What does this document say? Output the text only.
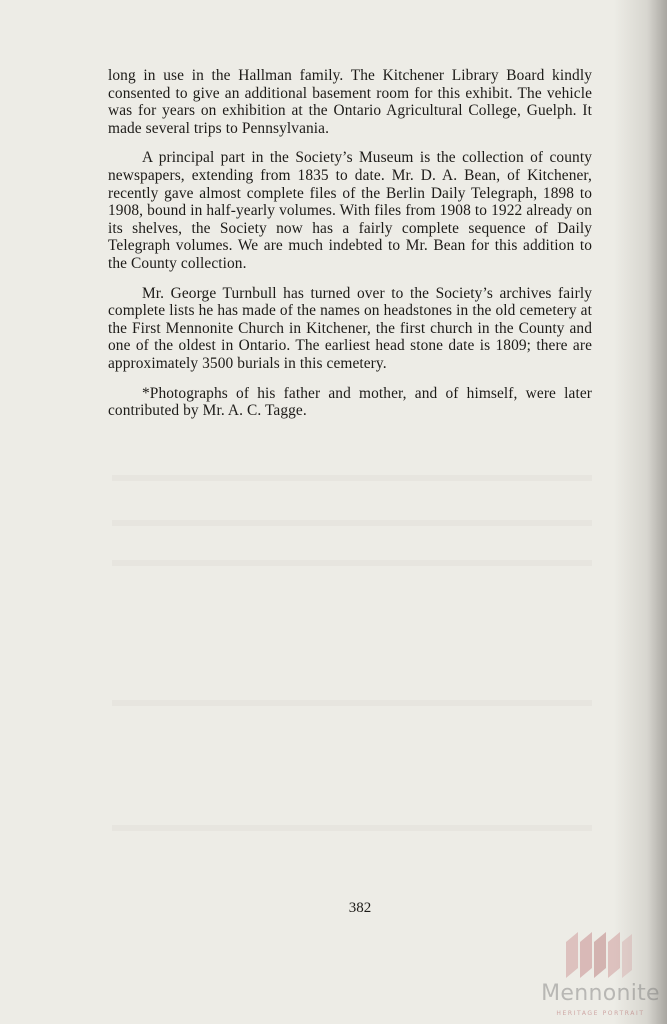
long in use in the Hallman family. The Kitchener Library Board kindly consented to give an additional basement room for this exhibit. The vehicle was for years on exhibition at the Ontario Agricultural College, Guelph. It made several trips to Pennsylvania.

A principal part in the Society’s Museum is the collection of county newspapers, extending from 1835 to date. Mr. D. A. Bean, of Kitchener, recently gave almost complete files of the Berlin Daily Telegraph, 1898 to 1908, bound in half-yearly volumes. With files from 1908 to 1922 already on its shelves, the Society now has a fairly complete sequence of Daily Telegraph volumes. We are much indebted to Mr. Bean for this addition to the County collection.

Mr. George Turnbull has turned over to the Society’s archives fairly complete lists he has made of the names on headstones in the old cemetery at the First Mennonite Church in Kitchener, the first church in the County and one of the oldest in Ontario. The earliest head stone date is 1809; there are approximately 3500 burials in this cemetery.

*Photographs of his father and mother, and of himself, were later contributed by Mr. A. C. Tagge.

382
Mennonite
HERITAGE PORTRAIT
